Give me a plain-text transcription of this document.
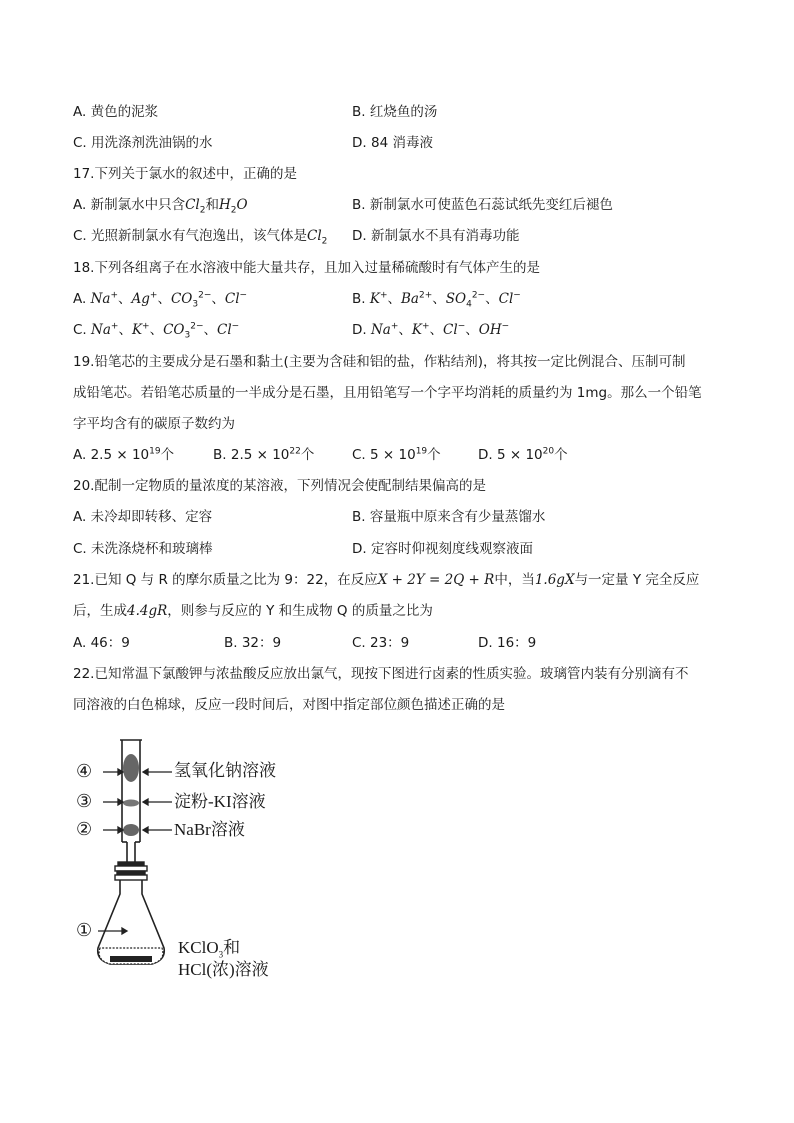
A. 黄色的泥浆	B. 红烧鱼的汤
C. 用洗涤剂洗油锅的水	D. 84 消毒液
17.下列关于氯水的叙述中，正确的是
A. 新制氯水中只含$Cl_2$和$H_2O$	B. 新制氯水可使蓝色石蕊试纸先变红后褪色
C. 光照新制氯水有气泡逸出，该气体是$Cl_2$ D. 新制氯水不具有消毒功能
18.下列各组离子在水溶液中能大量共存，且加入过量稀硫酸时有气体产生的是
A. Na+、Ag+、$CO_3^{2-}$、Cl−	B. K+、$Ba^{2+}$、$SO_4^{2-}$、Cl−
C. Na+、K+、$CO_3^{2-}$、Cl−	D. Na+、K+、Cl−、OH−
19.铅笔芯的主要成分是石墨和黏土(主要为含硅和铝的盐，作粘结剂)，将其按一定比例混合、压制可制
成铅笔芯。若铅笔芯质量的一半成分是石墨，且用铅笔写一个字平均消耗的质量约为 1mg。那么一个铅笔
字平均含有的碳原子数约为
A. $2.5 \times 10^{19}$个	B. $2.5 \times 10^{22}$个	C. $5 \times 10^{19}$个	D. $5 \times 10^{20}$个
20.配制一定物质的量浓度的某溶液，下列情况会使配制结果偏高的是
A. 未冷却即转移、定容	B. 容量瓶中原来含有少量蒸馏水
C. 未洗涤烧杯和玻璃棒	D. 定容时仰视刻度线观察液面
21.已知 Q 与 R 的摩尔质量之比为 9：22，在反应X + 2Y = 2Q + R中，当1.6gX与一定量 Y 完全反应
后，生成4.4gR，则参与反应的 Y 和生成物 Q 的质量之比为
A. 46：9	B. 32：9	C. 23：9	D. 16：9
22.已知常温下氯酸钾与浓盐酸反应放出氯气，现按下图进行卤素的性质实验。玻璃管内装有分别滴有不
同溶液的白色棉球，反应一段时间后，对图中指定部位颜色描述正确的是
④
③
②
①
氢氧化钠溶液
淀粉-KI溶液
NaBr溶液
KClO$_3$和
HCl(浓)溶液
